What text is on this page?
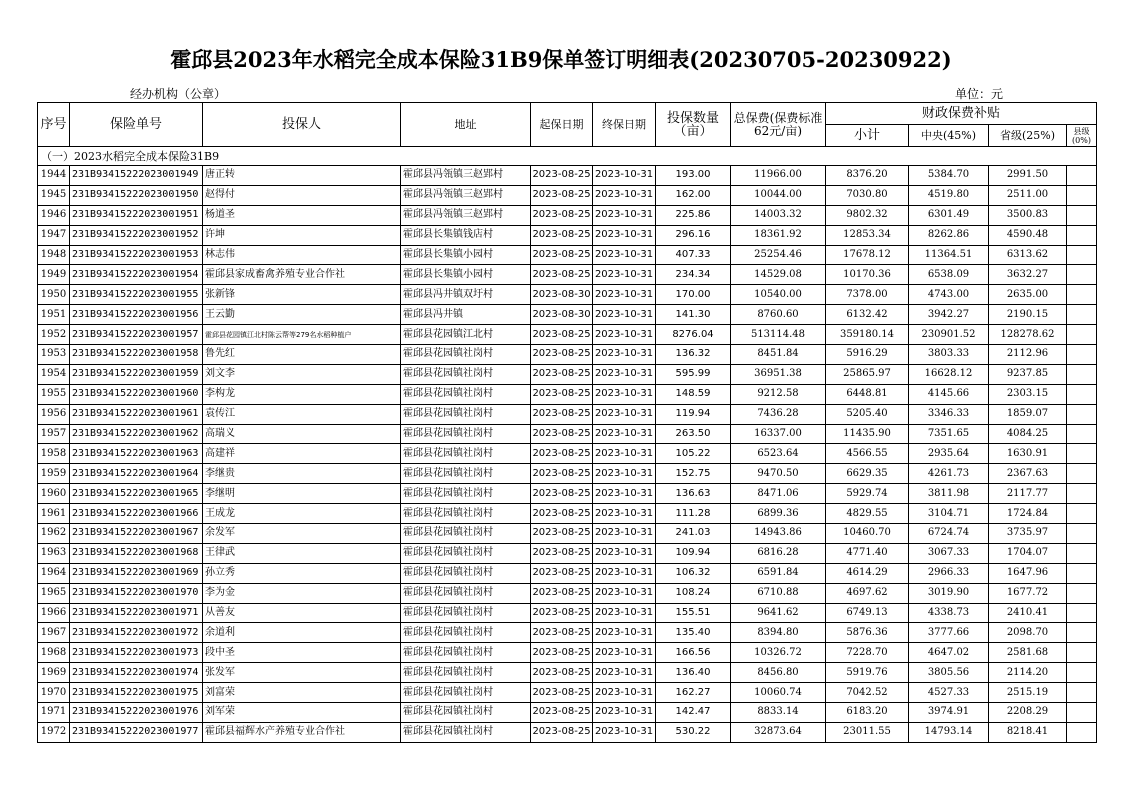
霍邱县2023年水稻完全成本保险31B9保单签订明细表(20230705-20230922)
经办机构（公章）	单位：元
序号	保险单号	投保人	地址	起保日期	终保日期	投保数量（亩）	总保费(保费标准62元/亩)	财政保费补贴			
								小计	中央(45%)	省级(25%)	县级(0%)
（一）2023水稻完全成本保险31B9											
1944	231B93415222023001949	唐正转	霍邱县冯瓴镇三赵郢村	2023-08-25	2023-10-31	193.00	11966.00	8376.20	5384.70	2991.50	
1945	231B93415222023001950	赵得付	霍邱县冯瓴镇三赵郢村	2023-08-25	2023-10-31	162.00	10044.00	7030.80	4519.80	2511.00	
1946	231B93415222023001951	杨道圣	霍邱县冯瓴镇三赵郢村	2023-08-25	2023-10-31	225.86	14003.32	9802.32	6301.49	3500.83	
1947	231B93415222023001952	许坤	霍邱县长集镇钱店村	2023-08-25	2023-10-31	296.16	18361.92	12853.34	8262.86	4590.48	
1948	231B93415222023001953	林志伟	霍邱县长集镇小园村	2023-08-25	2023-10-31	407.33	25254.46	17678.12	11364.51	6313.62	
1949	231B93415222023001954	霍邱县家成畜禽养殖专业合作社	霍邱县长集镇小园村	2023-08-25	2023-10-31	234.34	14529.08	10170.36	6538.09	3632.27	
1950	231B93415222023001955	张新锋	霍邱县冯井镇双圩村	2023-08-30	2023-10-31	170.00	10540.00	7378.00	4743.00	2635.00	
1951	231B93415222023001956	王云勤	霍邱县冯井镇	2023-08-30	2023-10-31	141.30	8760.60	6132.42	3942.27	2190.15	
1952	231B93415222023001957	霍邱县花园镇江北村陈云帮等279名水稻种植户	霍邱县花园镇江北村	2023-08-25	2023-10-31	8276.04	513114.48	359180.14	230901.52	128278.62	
1953	231B93415222023001958	鲁先红	霍邱县花园镇社岗村	2023-08-25	2023-10-31	136.32	8451.84	5916.29	3803.33	2112.96	
1954	231B93415222023001959	刘文李	霍邱县花园镇社岗村	2023-08-25	2023-10-31	595.99	36951.38	25865.97	16628.12	9237.85	
1955	231B93415222023001960	李构龙	霍邱县花园镇社岗村	2023-08-25	2023-10-31	148.59	9212.58	6448.81	4145.66	2303.15	
1956	231B93415222023001961	袁传江	霍邱县花园镇社岗村	2023-08-25	2023-10-31	119.94	7436.28	5205.40	3346.33	1859.07	
1957	231B93415222023001962	高瑞义	霍邱县花园镇社岗村	2023-08-25	2023-10-31	263.50	16337.00	11435.90	7351.65	4084.25	
1958	231B93415222023001963	高建祥	霍邱县花园镇社岗村	2023-08-25	2023-10-31	105.22	6523.64	4566.55	2935.64	1630.91	
1959	231B93415222023001964	李继贵	霍邱县花园镇社岗村	2023-08-25	2023-10-31	152.75	9470.50	6629.35	4261.73	2367.63	
1960	231B93415222023001965	李继明	霍邱县花园镇社岗村	2023-08-25	2023-10-31	136.63	8471.06	5929.74	3811.98	2117.77	
1961	231B93415222023001966	王成龙	霍邱县花园镇社岗村	2023-08-25	2023-10-31	111.28	6899.36	4829.55	3104.71	1724.84	
1962	231B93415222023001967	余发军	霍邱县花园镇社岗村	2023-08-25	2023-10-31	241.03	14943.86	10460.70	6724.74	3735.97	
1963	231B93415222023001968	王律武	霍邱县花园镇社岗村	2023-08-25	2023-10-31	109.94	6816.28	4771.40	3067.33	1704.07	
1964	231B93415222023001969	孙立秀	霍邱县花园镇社岗村	2023-08-25	2023-10-31	106.32	6591.84	4614.29	2966.33	1647.96	
1965	231B93415222023001970	李为金	霍邱县花园镇社岗村	2023-08-25	2023-10-31	108.24	6710.88	4697.62	3019.90	1677.72	
1966	231B93415222023001971	从善友	霍邱县花园镇社岗村	2023-08-25	2023-10-31	155.51	9641.62	6749.13	4338.73	2410.41	
1967	231B93415222023001972	余道利	霍邱县花园镇社岗村	2023-08-25	2023-10-31	135.40	8394.80	5876.36	3777.66	2098.70	
1968	231B93415222023001973	段中圣	霍邱县花园镇社岗村	2023-08-25	2023-10-31	166.56	10326.72	7228.70	4647.02	2581.68	
1969	231B93415222023001974	张发军	霍邱县花园镇社岗村	2023-08-25	2023-10-31	136.40	8456.80	5919.76	3805.56	2114.20	
1970	231B93415222023001975	刘富荣	霍邱县花园镇社岗村	2023-08-25	2023-10-31	162.27	10060.74	7042.52	4527.33	2515.19	
1971	231B93415222023001976	刘军荣	霍邱县花园镇社岗村	2023-08-25	2023-10-31	142.47	8833.14	6183.20	3974.91	2208.29	
1972	231B93415222023001977	霍邱县福辉水产养殖专业合作社	霍邱县花园镇社岗村	2023-08-25	2023-10-31	530.22	32873.64	23011.55	14793.14	8218.41	
